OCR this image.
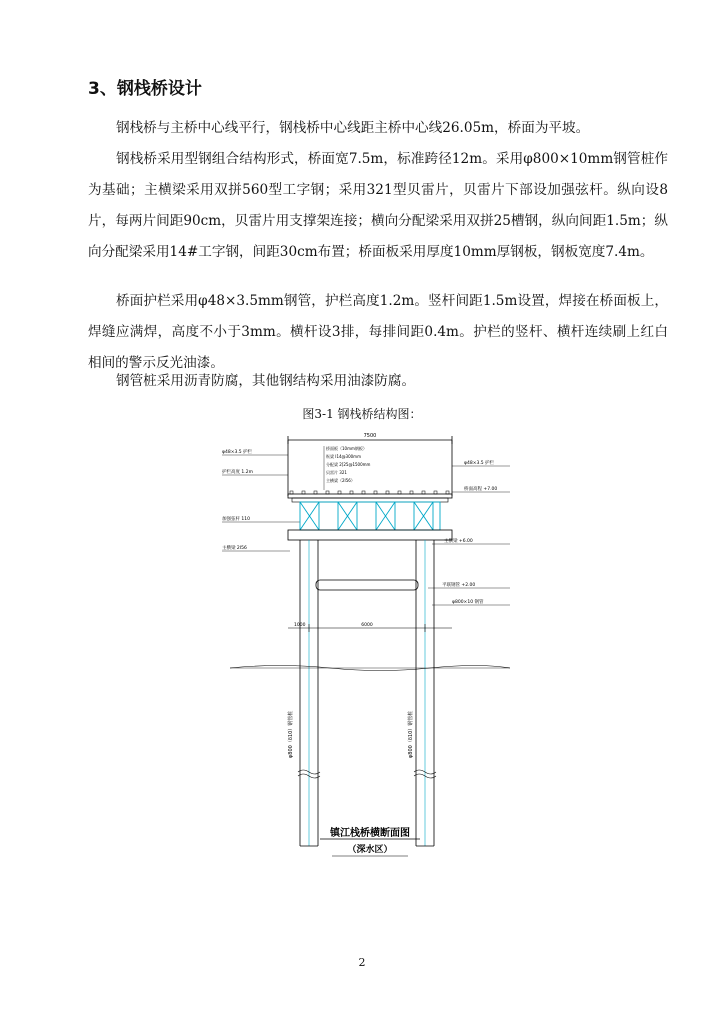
3、钢栈桥设计

钢栈桥与主桥中心线平行，钢栈桥中心线距主桥中心线26.05m，桥面为平坡。

钢栈桥采用型钢组合结构形式，桥面宽7.5m，标准跨径12m。采用φ800×10mm钢管桩作为基础；主横梁采用双拼560型工字钢；采用321型贝雷片，贝雷片下部设加强弦杆。纵向设8片，每两片间距90cm，贝雷片用支撑架连接；横向分配梁采用双拼25槽钢，纵向间距1.5m；纵向分配梁采用14#工字钢，间距30cm布置；桥面板采用厚度10mm厚钢板，钢板宽度7.4m。

桥面护栏采用φ48×3.5mm钢管，护栏高度1.2m。竖杆间距1.5m设置，焊接在桥面板上，焊缝应满焊，高度不小于3mm。横杆设3排，每排间距0.4m。护栏的竖杆、横杆连续刷上红白相间的警示反光油漆。

钢管桩采用沥青防腐，其他钢结构采用油漆防腐。

图3-1 钢栈桥结构图：
7500
φ48×3.5 护栏
护栏高度 1.2m
加强弦杆 110
主横梁 2I56
桥面板（10mm钢板）
纵梁 I14@300mm
分配梁 2[25@1500mm
贝雷片 321
主横梁（2I56）
φ48×3.5 护栏
桥面高程 +7.00
主横梁 +6.00
平联钢管 +2.00
φ800×10 钢管
1000	6000
φ800（δ10）钢管桩	φ800（δ10）钢管桩
镇江栈桥横断面图
（深水区）
2
